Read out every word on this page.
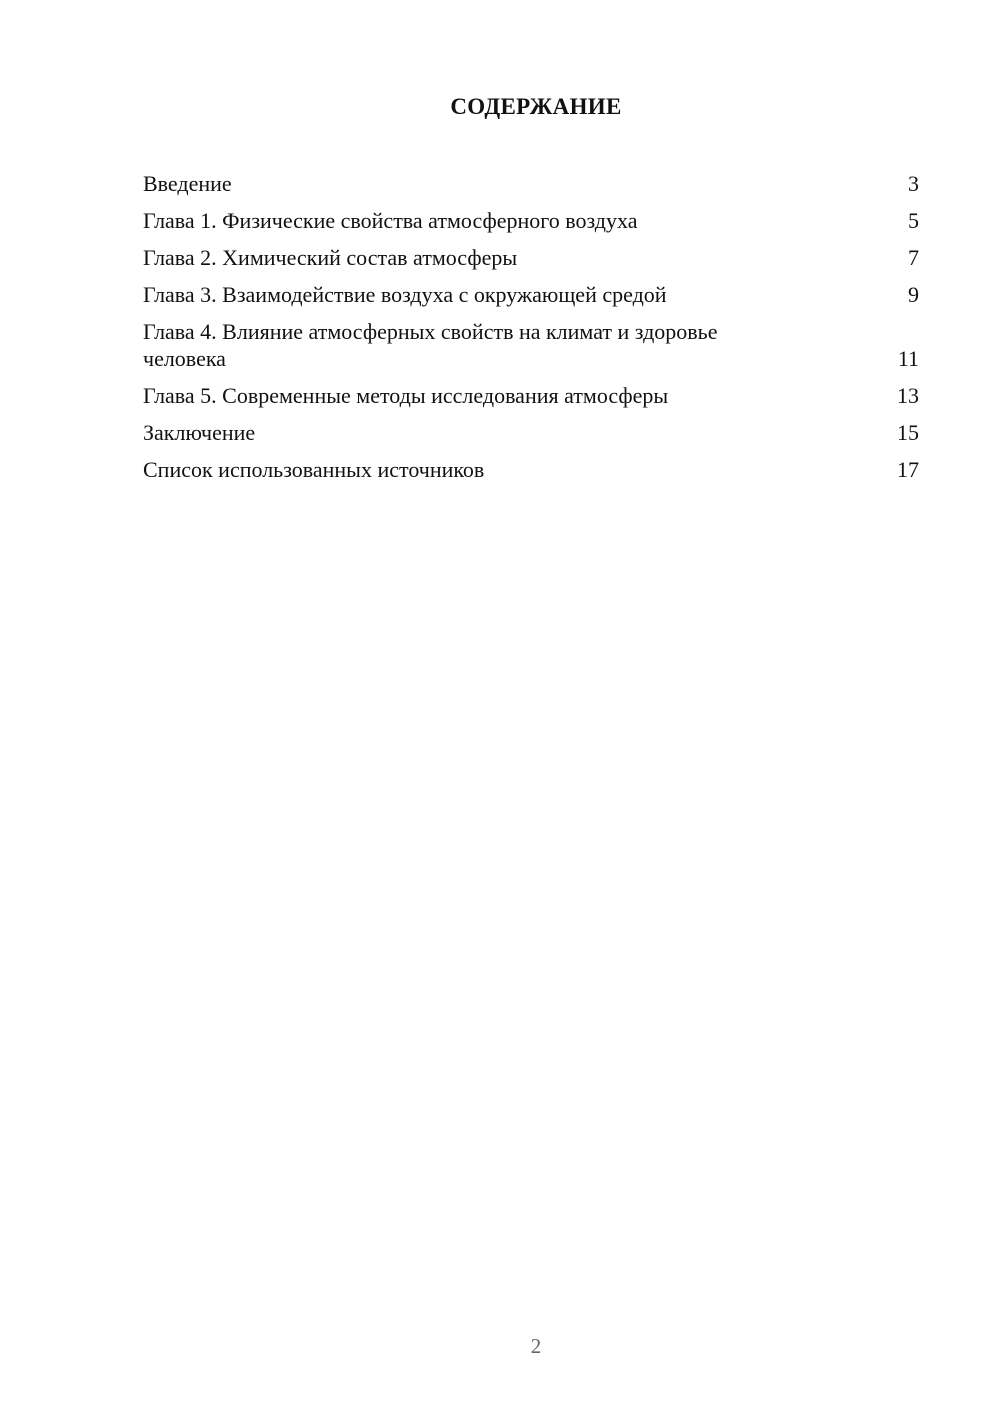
СОДЕРЖАНИЕ
Введение	3
Глава 1. Физические свойства атмосферного воздуха	5
Глава 2. Химический состав атмосферы	7
Глава 3. Взаимодействие воздуха с окружающей средой	9
Глава 4. Влияние атмосферных свойств на климат и здоровье человека	11
Глава 5. Современные методы исследования атмосферы	13
Заключение	15
Список использованных источников	17
2
